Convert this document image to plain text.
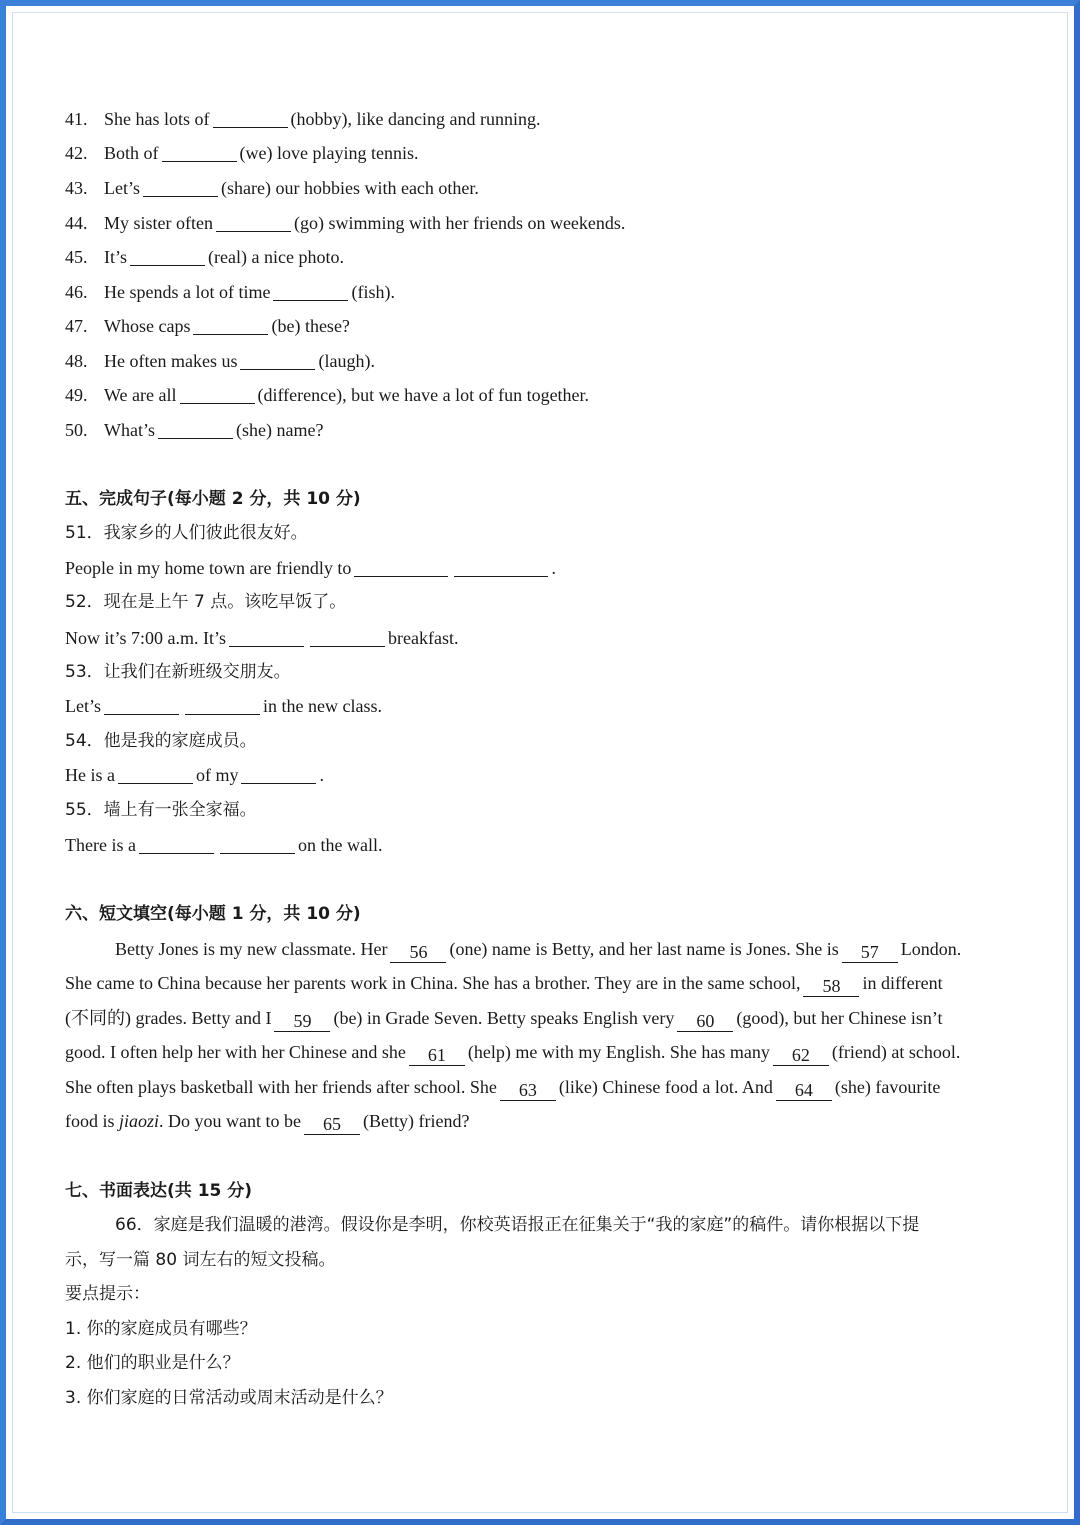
41. She has lots of	(hobby), like dancing and running.
42. Both of	(we) love playing tennis.
43. Let’s	(share) our hobbies with each other.
44. My sister often	(go) swimming with her friends on weekends.
45. It’s	(real) a nice photo.
46. He spends a lot of time	(fish).
47. Whose caps	(be) these?
48. He often makes us	(laugh).
49. We are all	(difference), but we have a lot of fun together.
50. What’s	(she) name?
五、完成句子(每小题 2 分，共 10 分)
51．我家乡的人们彼此很友好。
People in my home town are friendly to	.
52．现在是上午 7 点。该吃早饭了。
Now it’s 7:00 a.m. It’s	breakfast.
53．让我们在新班级交朋友。
Let’s	in the new class.
54．他是我的家庭成员。
He is a	of my	.
55．墙上有一张全家福。
There is a	on the wall.
六、短文填空(每小题 1 分，共 10 分)
Betty Jones is my new classmate. Her 56 (one) name is Betty, and her last name is Jones. She is 57 London.
She came to China because her parents work in China. She has a brother. They are in the same school, 58 in different
(不同的) grades. Betty and I 59 (be) in Grade Seven. Betty speaks English very 60 (good), but her Chinese isn’t
good. I often help her with her Chinese and she 61 (help) me with my English. She has many 62 (friend) at school.
She often plays basketball with her friends after school. She 63 (like) Chinese food a lot. And 64 (she) favourite
food is jiaozi. Do you want to be 65 (Betty) friend?
七、书面表达(共 15 分)
66．家庭是我们温暖的港湾。假设你是李明，你校英语报正在征集关于“我的家庭”的稿件。请你根据以下提
示，写一篇 80 词左右的短文投稿。
要点提示：
1. 你的家庭成员有哪些？
2. 他们的职业是什么？
3. 你们家庭的日常活动或周末活动是什么？
